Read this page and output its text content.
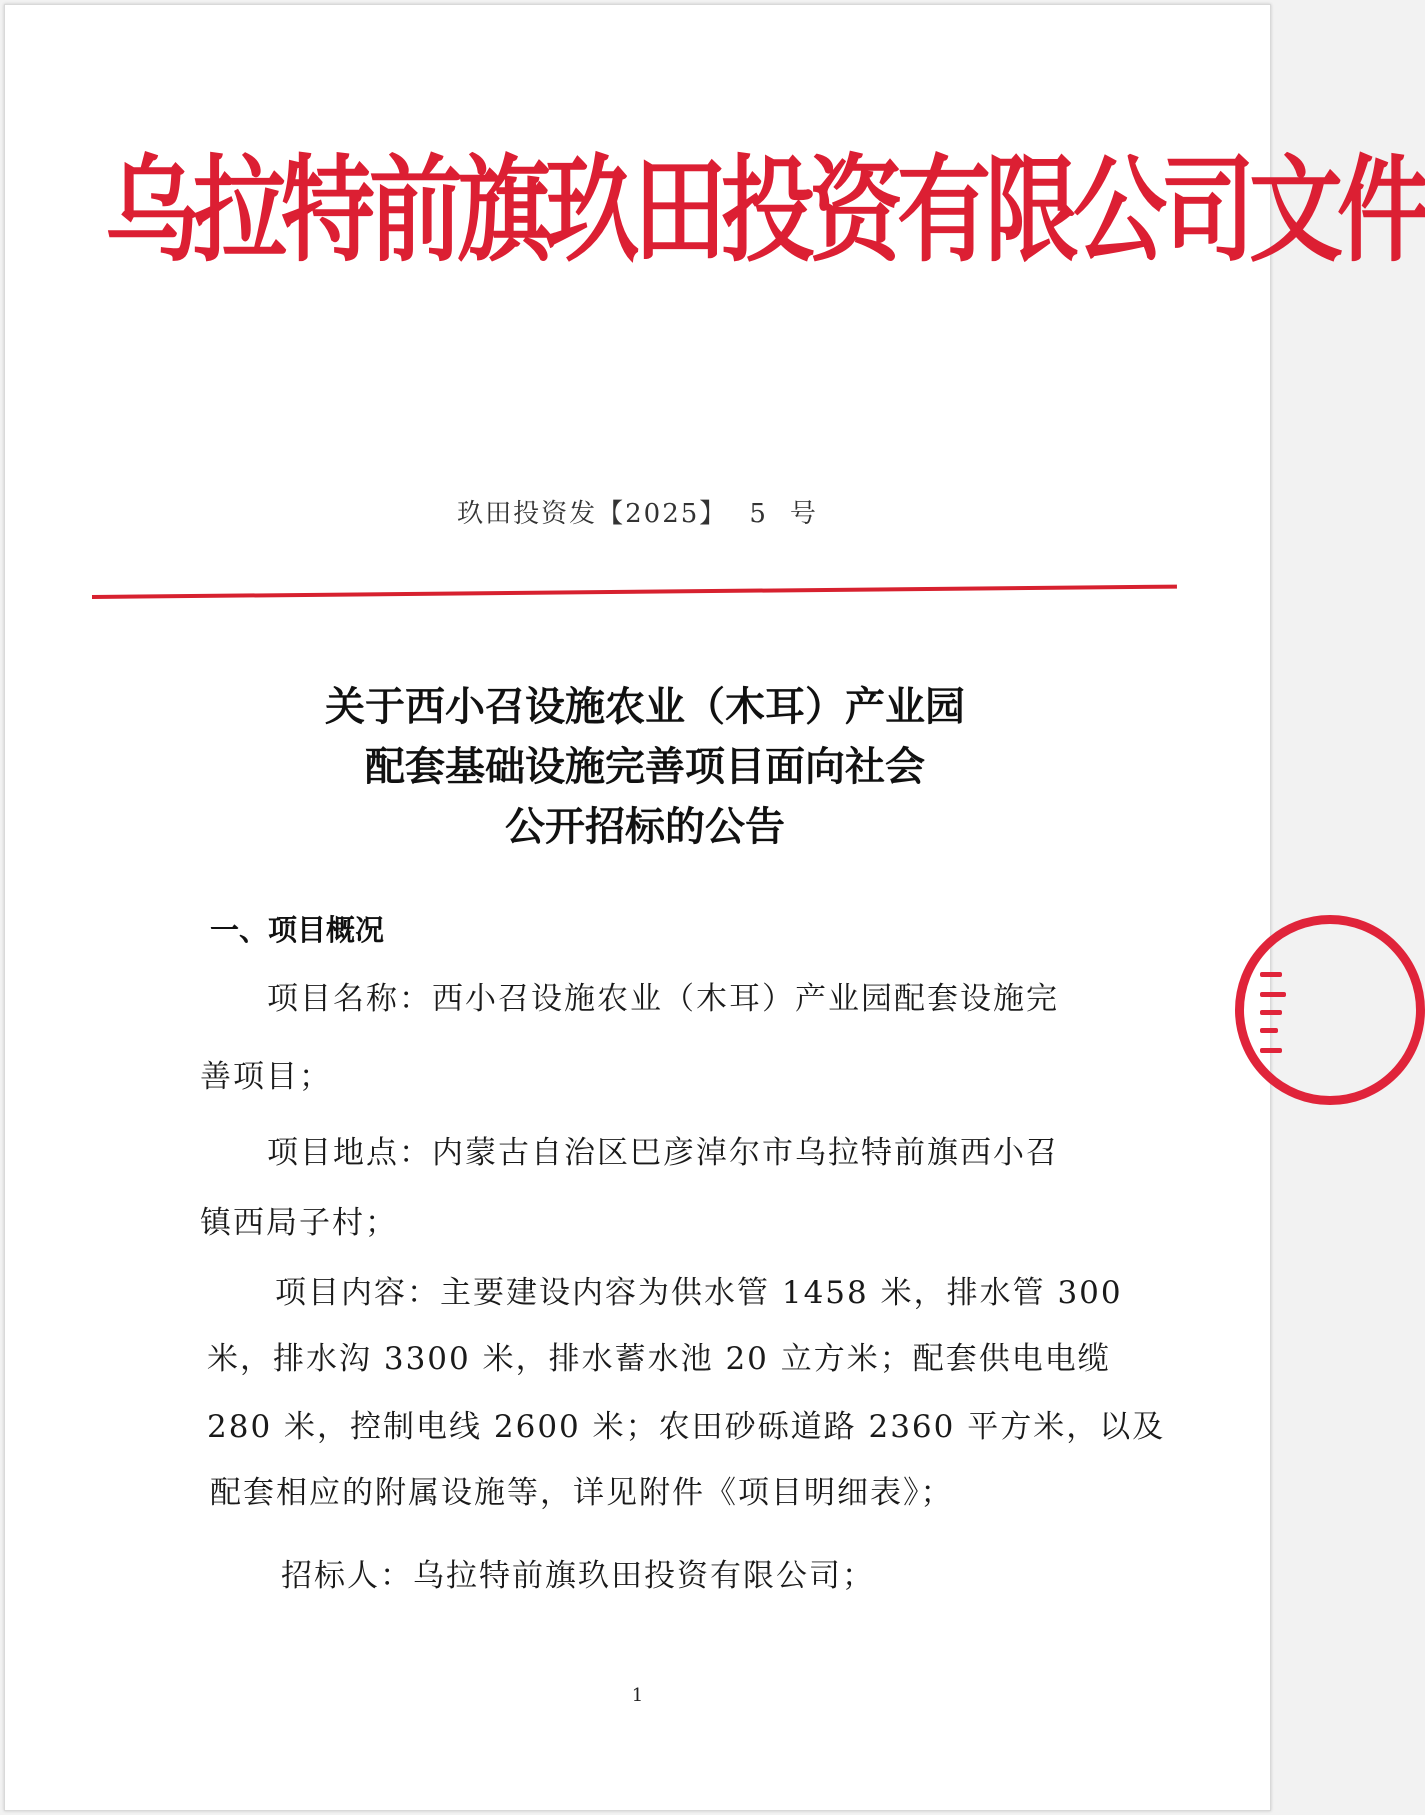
乌拉特前旗玖田投资有限公司文件
玖田投资发【2025】 5 号
关于西小召设施农业（木耳）产业园
配套基础设施完善项目面向社会
公开招标的公告
一、项目概况
项目名称：西小召设施农业（木耳）产业园配套设施完
善项目；
项目地点：内蒙古自治区巴彦淖尔市乌拉特前旗西小召
镇西局子村；
项目内容：主要建设内容为供水管 1458 米，排水管 300
米，排水沟 3300 米，排水蓄水池 20 立方米；配套供电电缆
280 米，控制电线 2600 米；农田砂砾道路 2360 平方米，以及
配套相应的附属设施等，详见附件《项目明细表》；
招标人：乌拉特前旗玖田投资有限公司；
1
